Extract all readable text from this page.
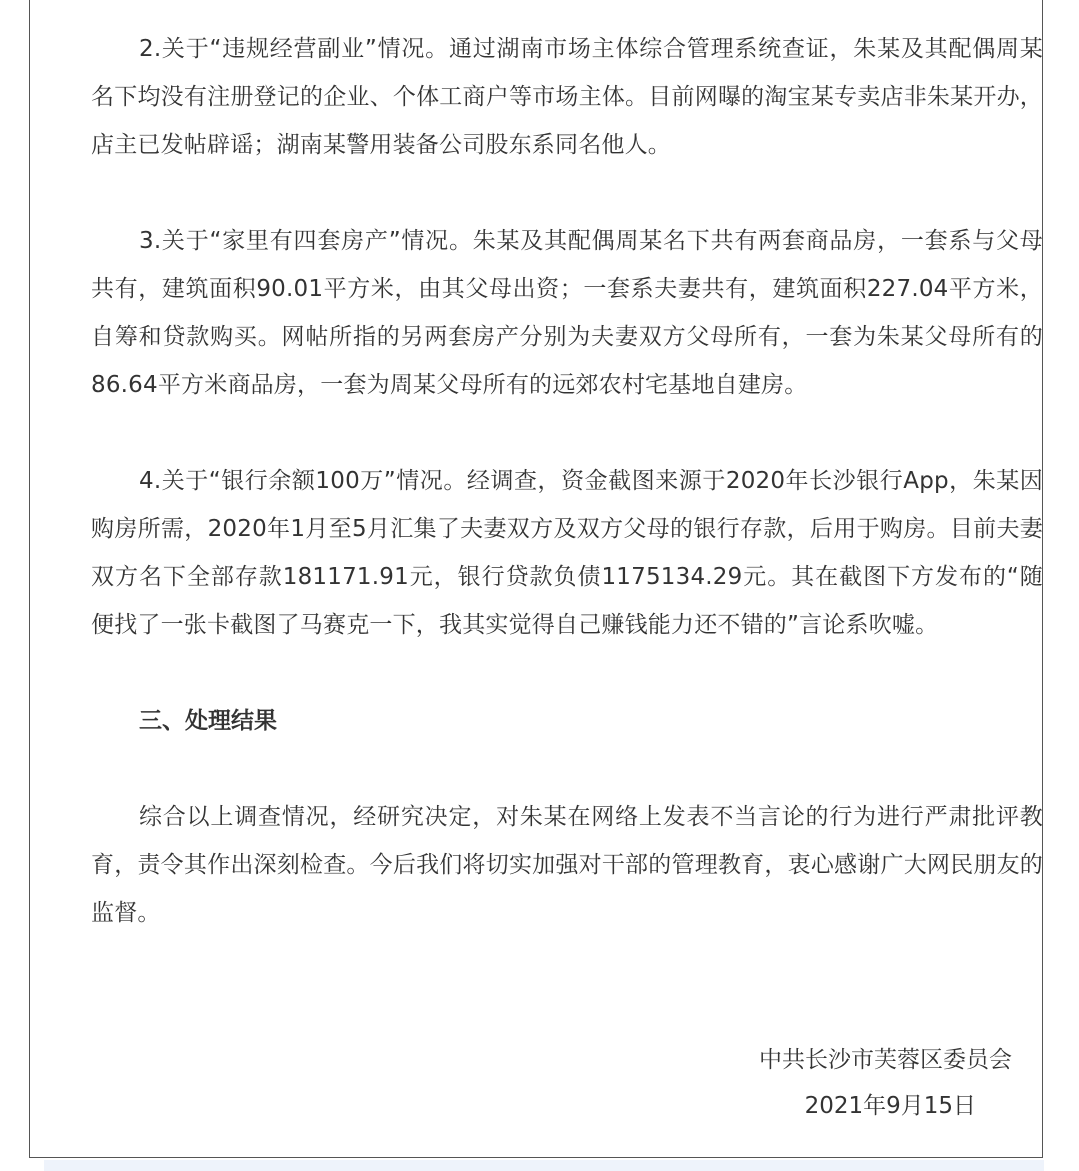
2.关于“违规经营副业”情况。通过湖南市场主体综合管理系统查证，朱某及其配偶周某名下均没有注册登记的企业、个体工商户等市场主体。目前网曝的淘宝某专卖店非朱某开办，店主已发帖辟谣；湖南某警用装备公司股东系同名他人。

3.关于“家里有四套房产”情况。朱某及其配偶周某名下共有两套商品房，一套系与父母共有，建筑面积90.01平方米，由其父母出资；一套系夫妻共有，建筑面积227.04平方米，自筹和贷款购买。网帖所指的另两套房产分别为夫妻双方父母所有，一套为朱某父母所有的86.64平方米商品房，一套为周某父母所有的远郊农村宅基地自建房。

4.关于“银行余额100万”情况。经调查，资金截图来源于2020年长沙银行App，朱某因购房所需，2020年1月至5月汇集了夫妻双方及双方父母的银行存款，后用于购房。目前夫妻双方名下全部存款181171.91元，银行贷款负债1175134.29元。其在截图下方发布的“随便找了一张卡截图了马赛克一下，我其实觉得自己赚钱能力还不错的”言论系吹嘘。

三、处理结果

综合以上调查情况，经研究决定，对朱某在网络上发表不当言论的行为进行严肃批评教育，责令其作出深刻检查。今后我们将切实加强对干部的管理教育，衷心感谢广大网民朋友的监督。

中共长沙市芙蓉区委员会
2021年9月15日
